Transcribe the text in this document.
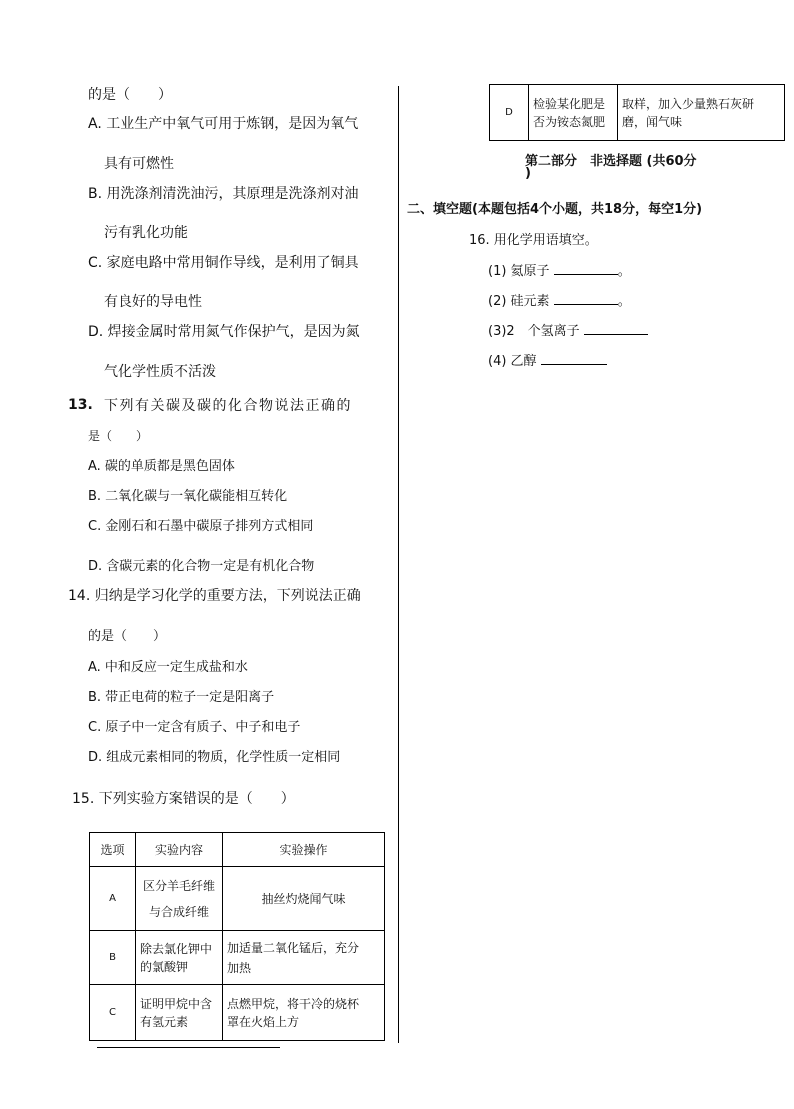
的是（　　）
A. 工业生产中氧气可用于炼钢，是因为氧气
具有可燃性
B. 用洗涤剂清洗油污，其原理是洗涤剂对油
污有乳化功能
C. 家庭电路中常用铜作导线，是利用了铜具
有良好的导电性
D. 焊接金属时常用氮气作保护气，是因为氮
气化学性质不活泼
13. 下列有关碳及碳的化合物说法正确的
是（　　）
A. 碳的单质都是黑色固体
B. 二氧化碳与一氧化碳能相互转化
C. 金刚石和石墨中碳原子排列方式相同
D. 含碳元素的化合物一定是有机化合物
14. 归纳是学习化学的重要方法，下列说法正确
的是（　　）
A. 中和反应一定生成盐和水
B. 带正电荷的粒子一定是阳离子
C. 原子中一定含有质子、中子和电子
D. 组成元素相同的物质，化学性质一定相同
15. 下列实验方案错误的是（　　）
选项	实验内容	实验操作
A	区分羊毛纤维
与合成纤维	抽丝灼烧闻气味
B	除去氯化钾中
的氯酸钾	加适量二氧化锰后，充分
加热
C	证明甲烷中含
有氢元素	点燃甲烷，将干冷的烧杯
罩在火焰上方
D	检验某化肥是
否为铵态氮肥	取样，加入少量熟石灰研
磨，闻气味
第二部分　非选择题 (共60分
)
二、填空题(本题包括4个小题，共18分，每空1分)
16. 用化学用语填空。
(1) 氦原子	。
(2) 硅元素	。
(3)2　个氢离子
(4) 乙醇
